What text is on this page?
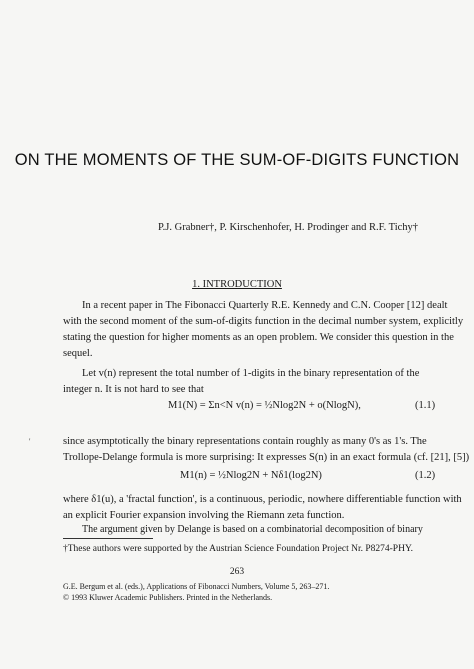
ON THE MOMENTS OF THE SUM-OF-DIGITS FUNCTION
P.J. Grabner†, P. Kirschenhofer, H. Prodinger and R.F. Tichy†
1. INTRODUCTION
In a recent paper in The Fibonacci Quarterly R.E. Kennedy and C.N. Cooper [12] dealt
with the second moment of the sum-of-digits function in the decimal number system, explicitly
stating the question for higher moments as an open problem. We consider this question in the
sequel.
Let v(n) represent the total number of 1-digits in the binary representation of the
integer n. It is not hard to see that
'
M1(N) = Σn<N v(n) = ½Nlog2N + o(NlogN),	(1.1)
since asymptotically the binary representations contain roughly as many 0's as 1's. The
Trollope-Delange formula is more surprising: It expresses S(n) in an exact formula (cf. [21], [5])
M1(n) = ½Nlog2N + Nδ1(log2N)	(1.2)
where δ1(u), a 'fractal function', is a continuous, periodic, nowhere differentiable function with
an explicit Fourier expansion involving the Riemann zeta function.
The argument given by Delange is based on a combinatorial decomposition of binary
†These authors were supported by the Austrian Science Foundation Project Nr. P8274-PHY.
263
G.E. Bergum et al. (eds.), Applications of Fibonacci Numbers, Volume 5, 263–271.
© 1993 Kluwer Academic Publishers. Printed in the Netherlands.
